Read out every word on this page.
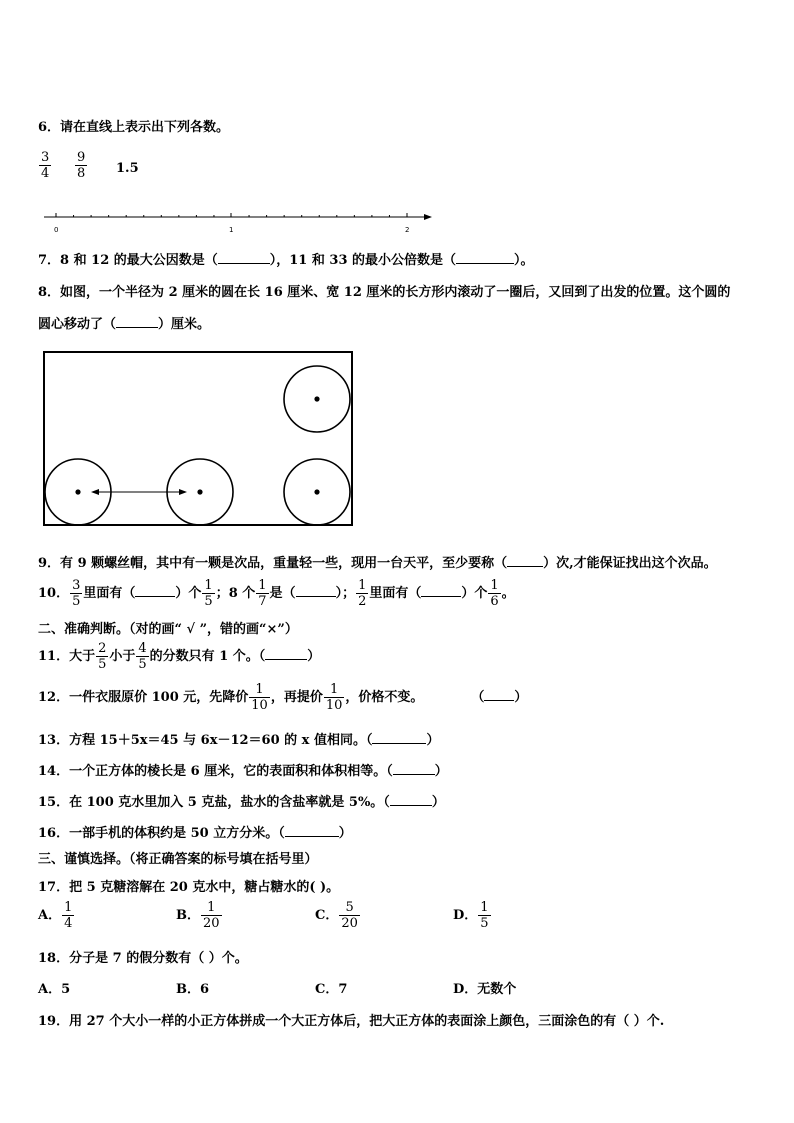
6．请在直线上表示出下列各数。
$\frac{3}{4} \frac{9}{8} 1.5$
0	1	2
7．8 和 12 的最大公因数是（	），11 和 33 的最小公倍数是（	）。
8．如图，一个半径为 2 厘米的圆在长 16 厘米、宽 12 厘米的长方形内滚动了一圈后，又回到了出发的位置。这个圆的
圆心移动了（	）厘米。
9．有 9 颗螺丝帽，其中有一颗是次品，重量轻一些，现用一台天平，至少要称（	）次,才能保证找出这个次品。
10． $\frac{3}{5}$ 里面有（	）个 $\frac{1}{5}$ ；8 个 $\frac{1}{7}$ 是（	）； $\frac{1}{2}$ 里面有（	）个 $\frac{1}{6}$ 。
二、准确判断。（对的画“ √ ”，错的画“×”）
11．大于 $\frac{2}{5}$ 小于 $\frac{4}{5}$ 的分数只有 1 个。（	）
12．一件衣服原价 100 元，先降价 $\frac{1}{10}$ ，再提价 $\frac{1}{10}$ ，价格不变。	（ ）
13．方程 15＋5x＝45 与 6x－12＝60 的 x 值相同。（	）
14．一个正方体的棱长是 6 厘米，它的表面积和体积相等。（	）
15．在 100 克水里加入 5 克盐，盐水的含盐率就是 5%。（	）
16．一部手机的体积约是 50 立方分米。（	）
三、谨慎选择。（将正确答案的标号填在括号里）
17．把 5 克糖溶解在 20 克水中，糖占糖水的( )。
A． $\frac{1}{4}$	B． $\frac{1}{20}$	C． $\frac{5}{20}$	D． $\frac{1}{5}$
18．分子是 7 的假分数有（ ）个。
A．5	B．6	C．7	D．无数个
19．用 27 个大小一样的小正方体拼成一个大正方体后，把大正方体的表面涂上颜色，三面涂色的有（ ）个.
